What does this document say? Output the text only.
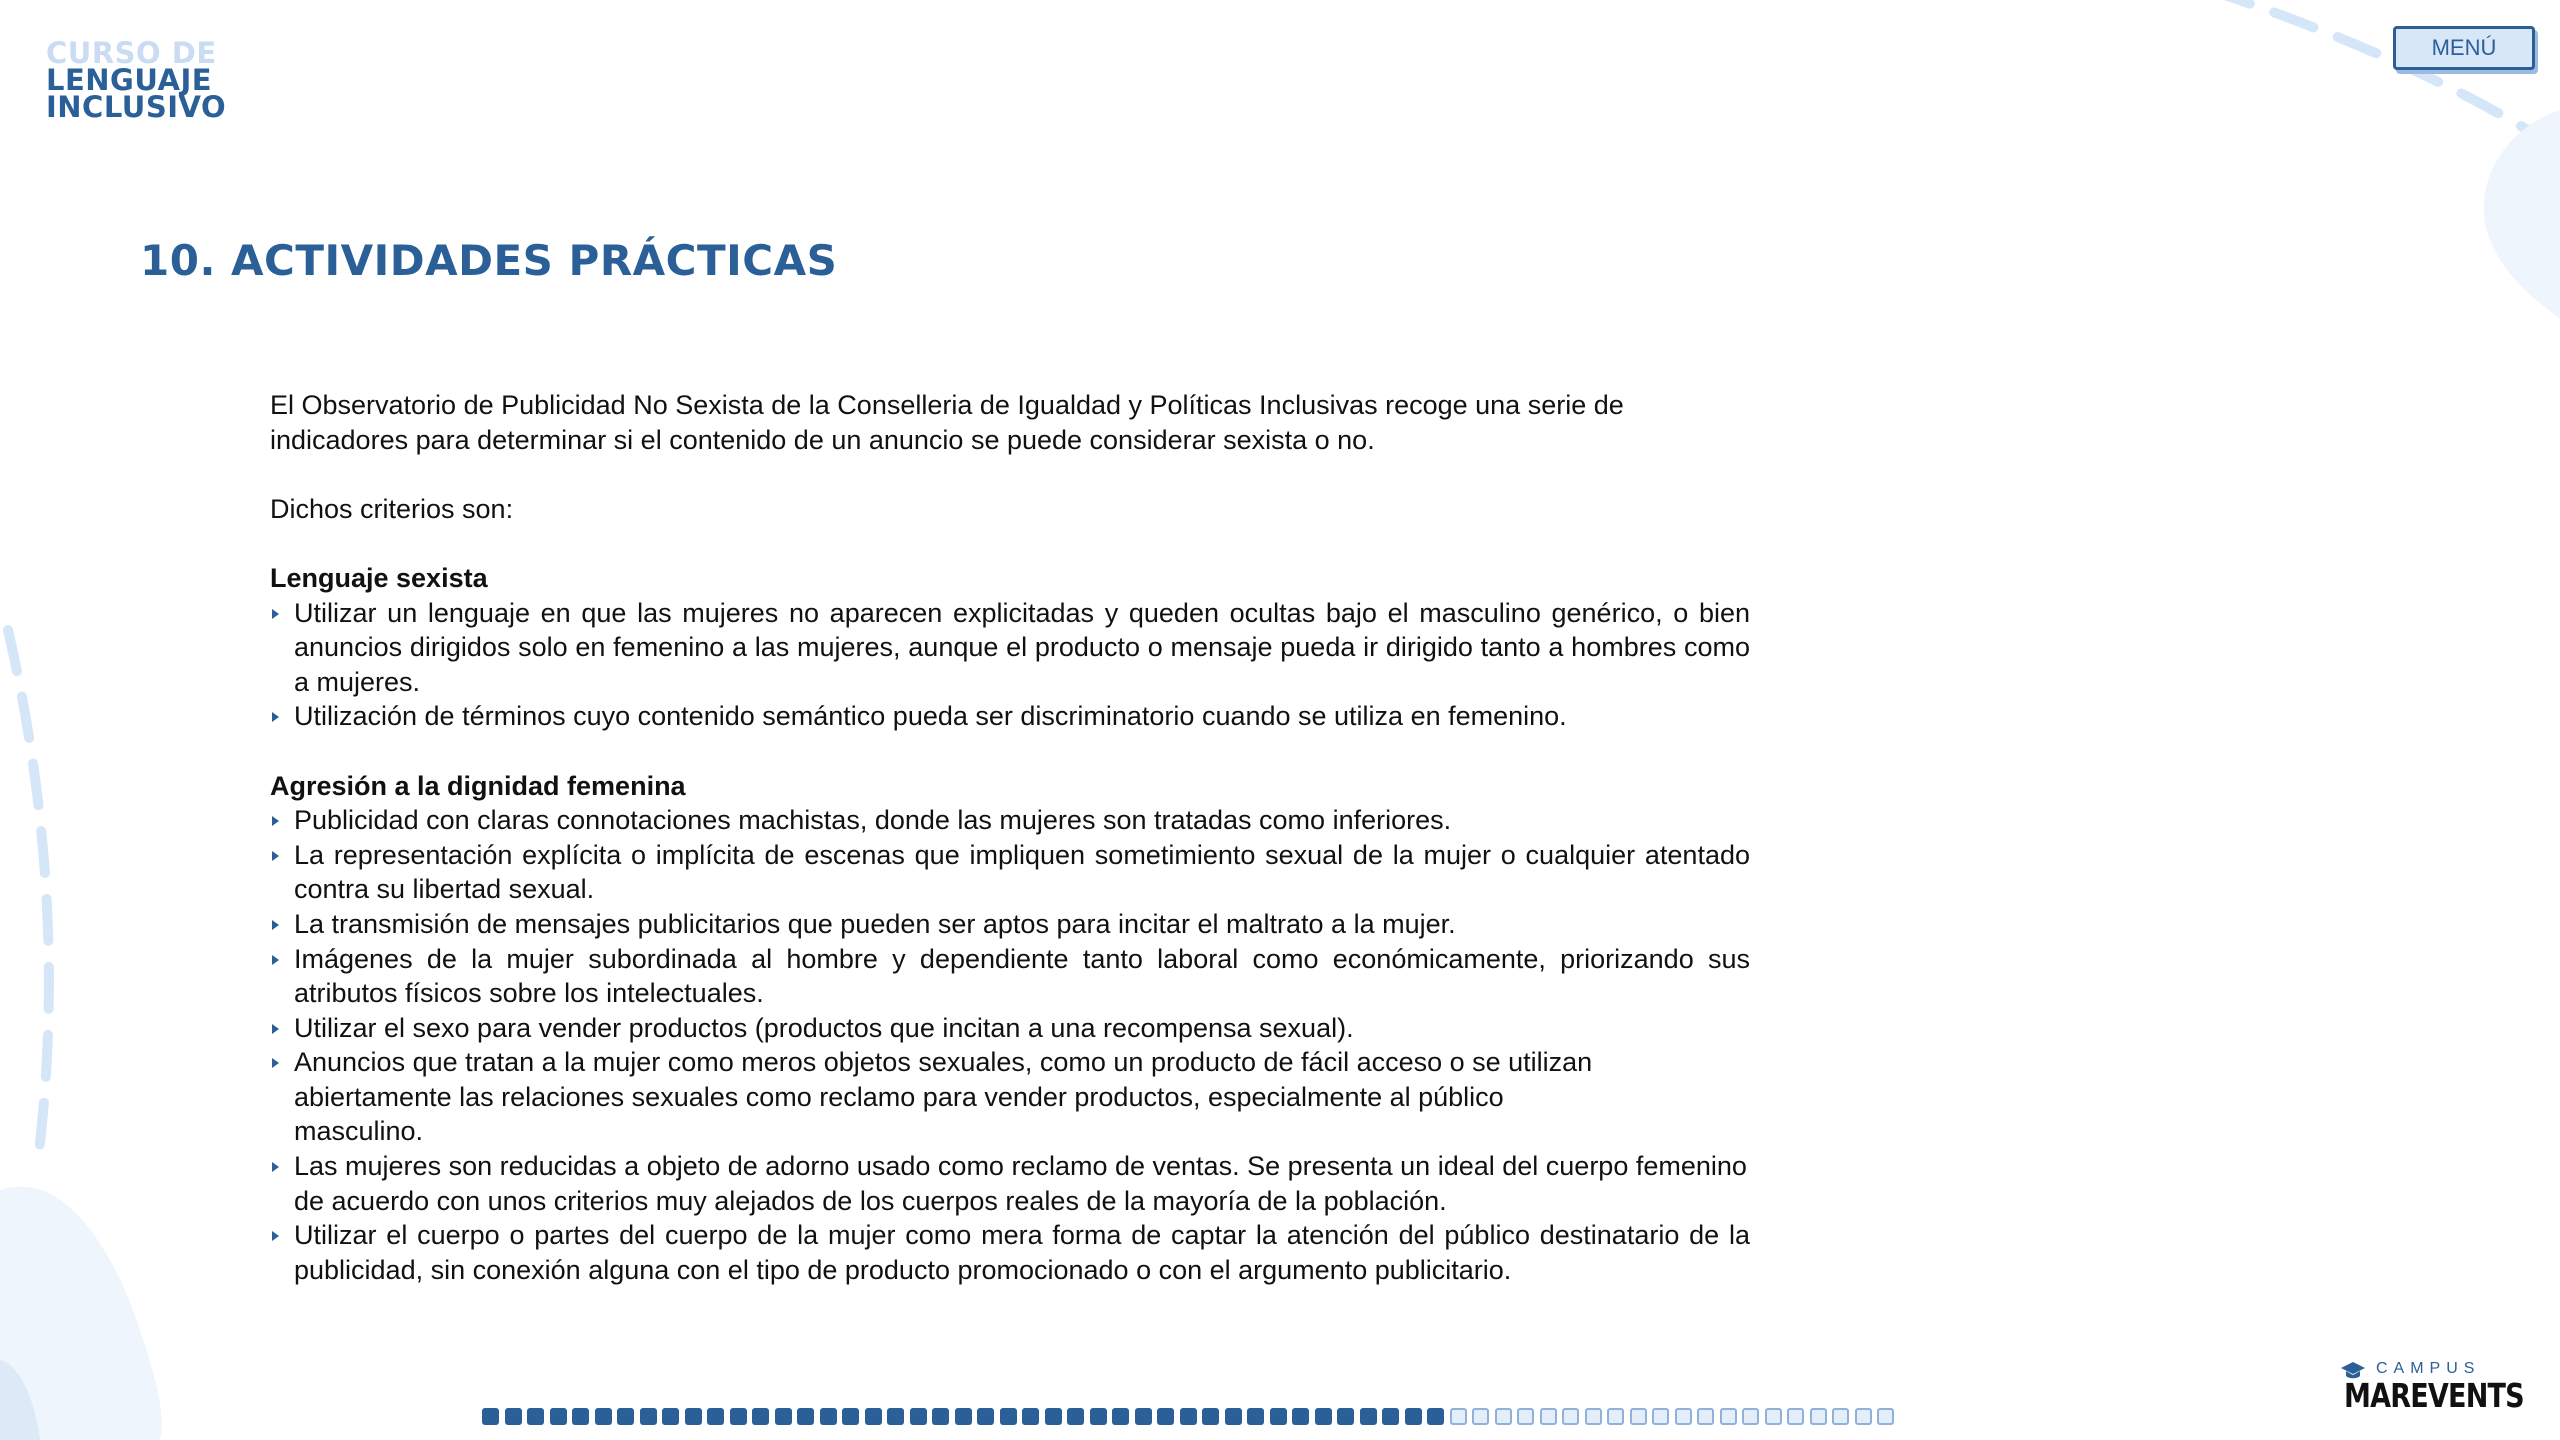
CURSO DE
LENGUAJE
INCLUSIVO
MENÚ
10. ACTIVIDADES PRÁCTICAS

El Observatorio de Publicidad No Sexista de la Conselleria de Igualdad y Políticas Inclusivas recoge una serie de indicadores para determinar si el contenido de un anuncio se puede considerar sexista o no.

Dichos criterios son:

Lenguaje sexista

Utilizar un lenguaje en que las mujeres no aparecen explicitadas y queden ocultas bajo el masculino genérico, o bien anuncios dirigidos solo en femenino a las mujeres, aunque el producto o mensaje pueda ir dirigido tanto a hombres como a mujeres.
Utilización de términos cuyo contenido semántico pueda ser discriminatorio cuando se utiliza en femenino.

Agresión a la dignidad femenina

Publicidad con claras connotaciones machistas, donde las mujeres son tratadas como inferiores.
La representación explícita o implícita de escenas que impliquen sometimiento sexual de la mujer o cualquier atentado contra su libertad sexual.
La transmisión de mensajes publicitarios que pueden ser aptos para incitar el maltrato a la mujer.
Imágenes de la mujer subordinada al hombre y dependiente tanto laboral como económicamente, priorizando sus atributos físicos sobre los intelectuales.
Utilizar el sexo para vender productos (productos que incitan a una recompensa sexual).
Anuncios que tratan a la mujer como meros objetos sexuales, como un producto de fácil acceso o se utilizan abiertamente las relaciones sexuales como reclamo para vender productos, especialmente al público masculino.
Las mujeres son reducidas a objeto de adorno usado como reclamo de ventas. Se presenta un ideal del cuerpo femenino de acuerdo con unos criterios muy alejados de los cuerpos reales de la mayoría de la población.
Utilizar el cuerpo o partes del cuerpo de la mujer como mera forma de captar la atención del público destinatario de la publicidad, sin conexión alguna con el tipo de producto promocionado o con el argumento publicitario.
CAMPUS
MAREVENTS
